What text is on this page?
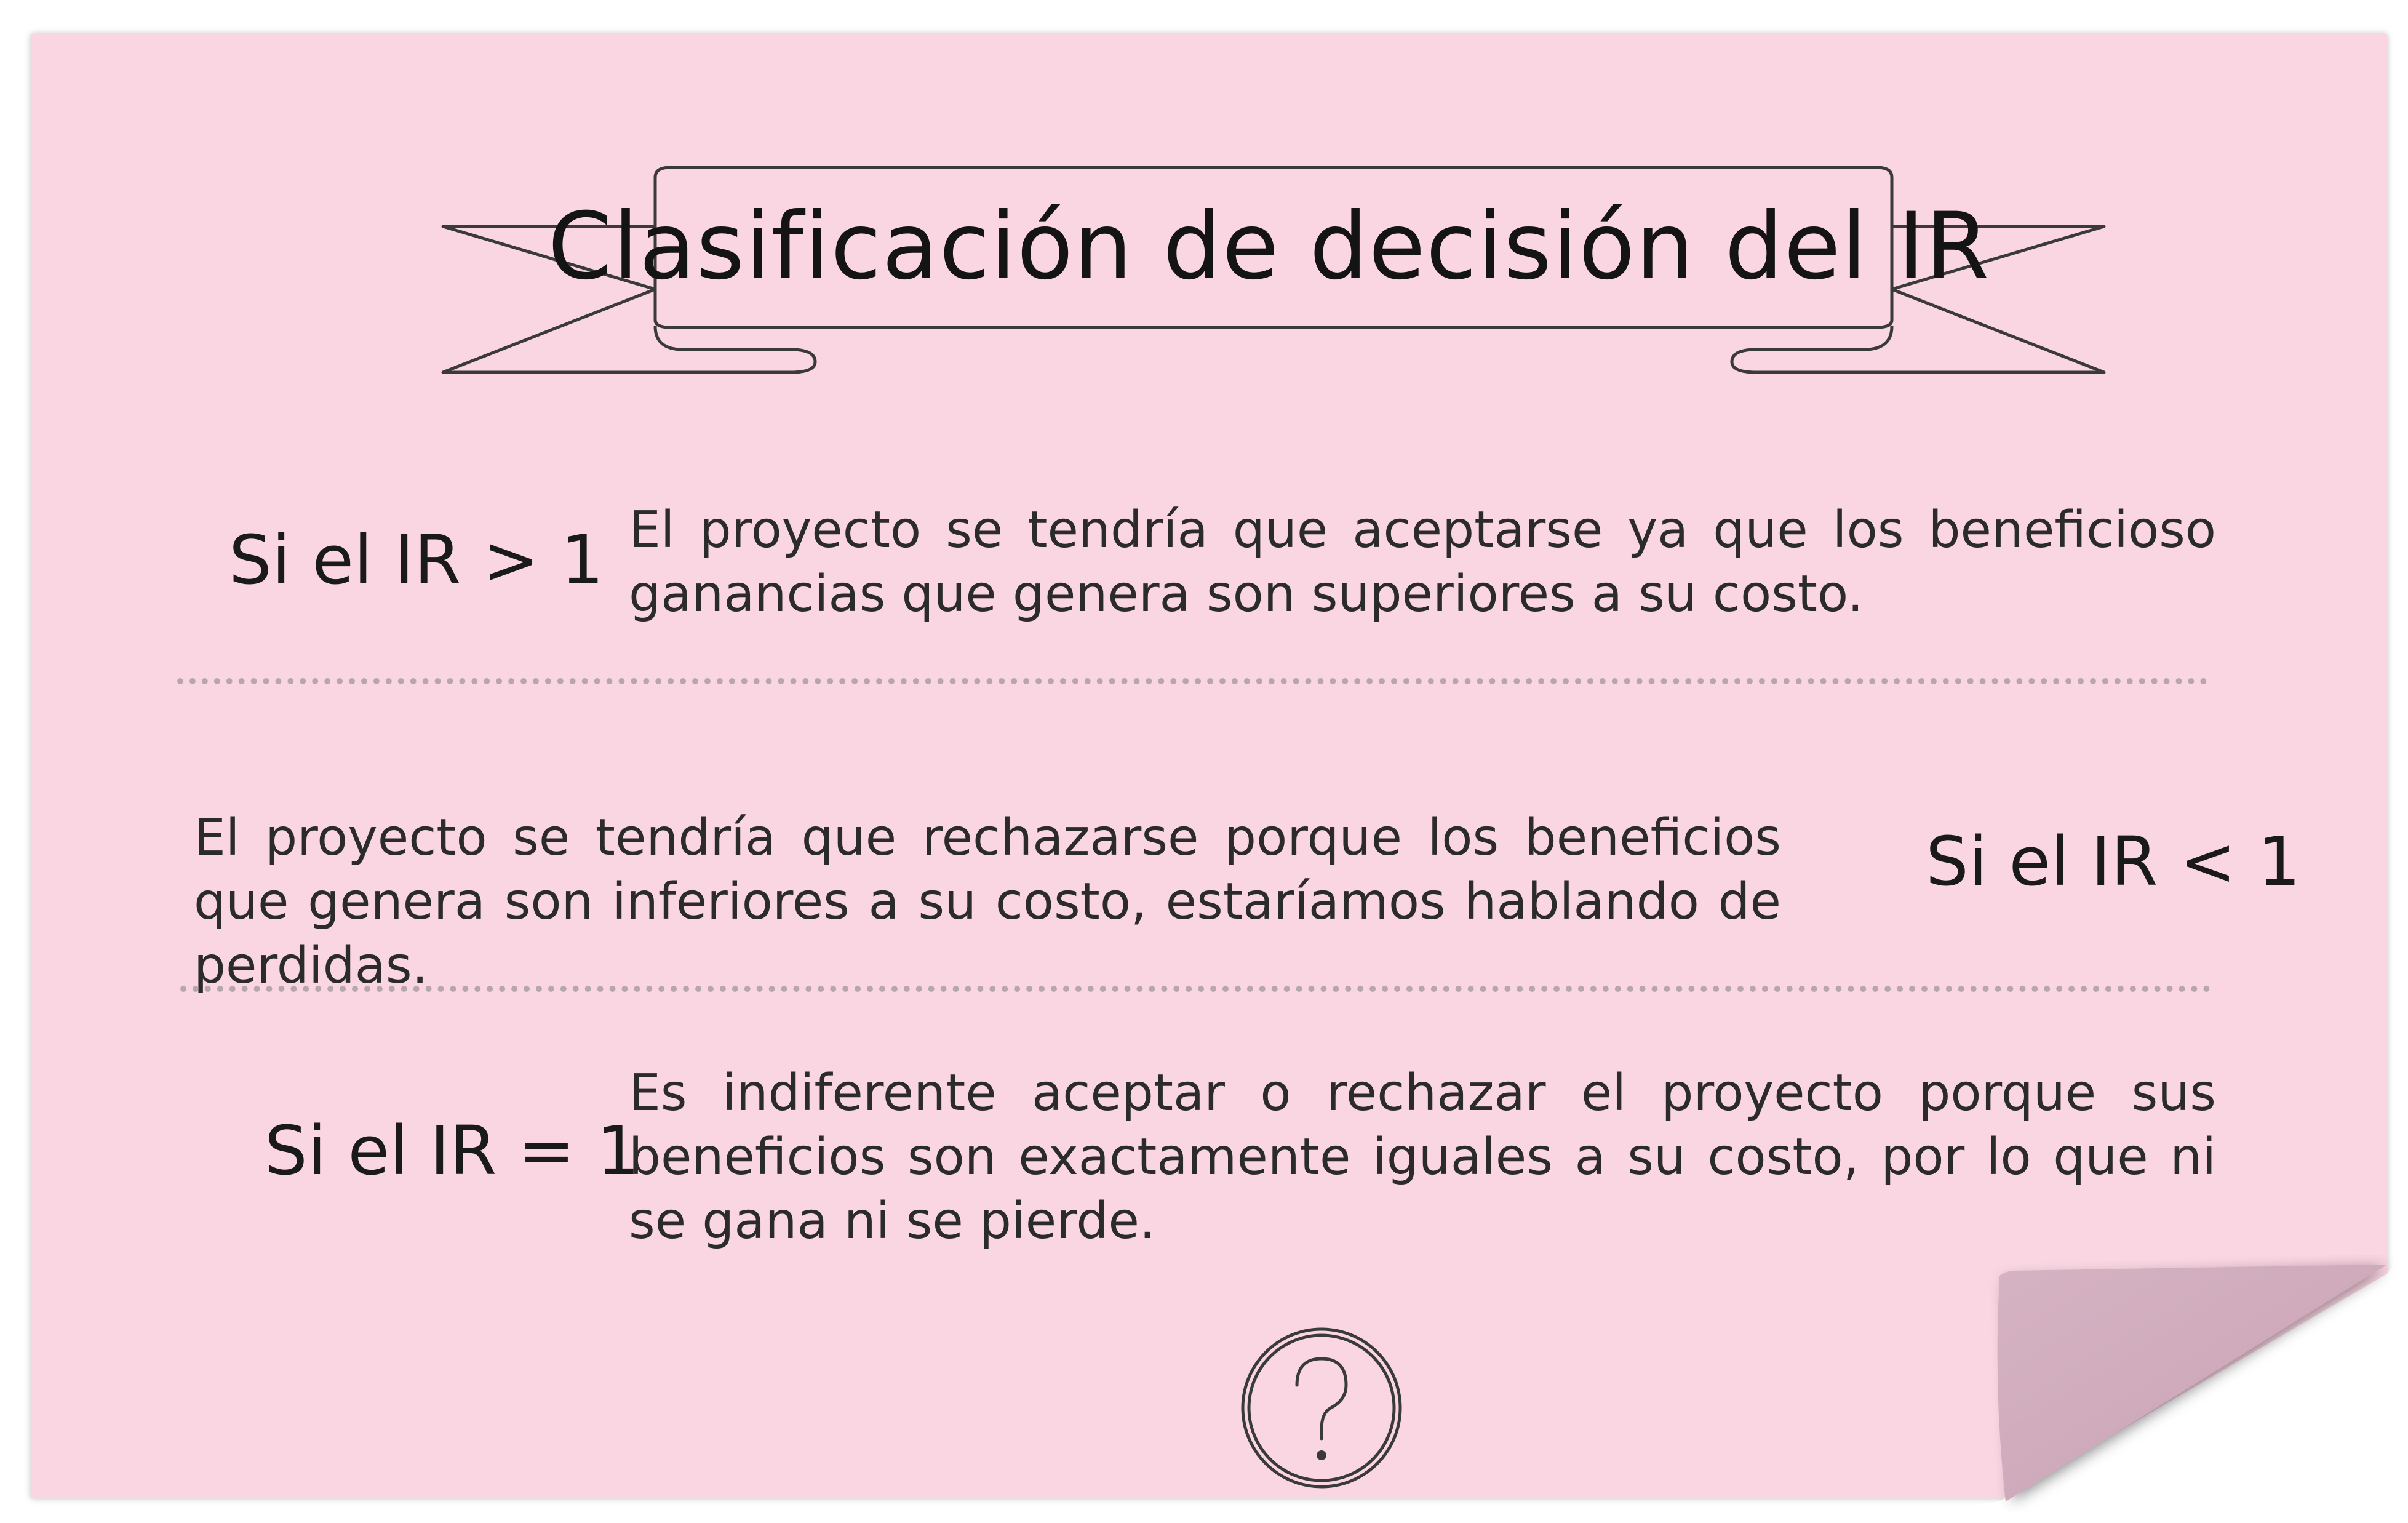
Clasificación de decisión del IR
Si el IR > 1 El proyecto se tendría que aceptarse ya que los beneficioso ganancias que genera son superiores a su costo.
El proyecto se tendría que rechazarse porque los beneficios que genera son inferiores a su costo, estaríamos hablando de perdidas.
Si el IR < 1
Si el IR = 1
Es indiferente aceptar o rechazar el proyecto porque sus beneficios son exactamente iguales a su costo, por lo que ni se gana ni se pierde.
